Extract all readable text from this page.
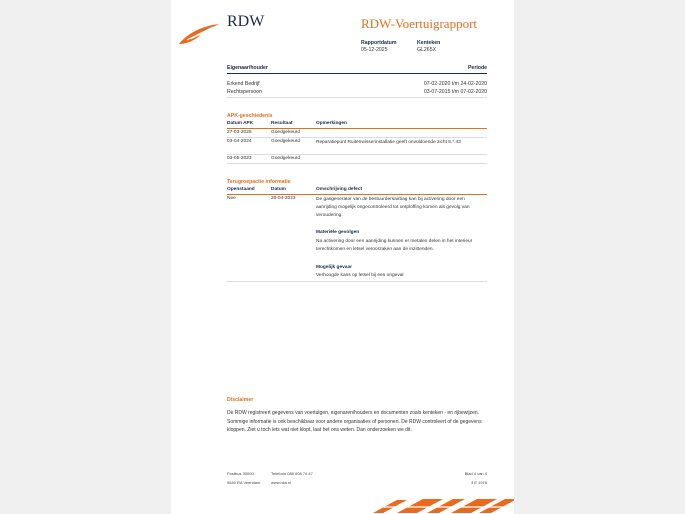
RDW	RDW-Voertuigrapport
Rapportdatum
05-12-2025
Kenteken
GL265X
Eigenaar/houder	Periode
Erkend Bedrijf	07-02-2020 t/m 24-02-2020
Rechtspersoon	03-07-2015 t/m 07-02-2020
APK-geschiedenis
Datum APK	Resultaat	Opmerkingen
27-03-2025	Goedgekeurd
03-04-2024	Goedgekeurd	Reparatiepunt Ruitenwisserinstallatie geeft onvoldoende zicht 5.*.43
03-05-2023	Goedgekeurd
Terugroepactie informatie
Openstaand	Datum	Omschrijving defect
Nee	20-04-2023	De gasgenerator van de bestuurdersairbag kan bij activering door een aanrijding mogelijk ongecontroleerd tot ontploffing komen als gevolg van veroudering.
Materiële gevolgen
Na activering door een aanrijding kunnen er metalen delen in het interieur terechtkomen en letsel veroorzaken aan de inzittenden.
Mogelijk gevaar
Verhoogde kans op letsel bij een ongeval
Disclaimer
De RDW registreert gegevens van voertuigen, eigenaren/houders en documenten zoals kenteken - en rijbewijzen. Sommige informatie is ook beschikbaar voor andere organisaties of personen. De RDW controleert of de gegevens kloppen. Ziet u toch iets wat niet klopt, laat het ons weten. Dan onderzoeken we dit.
Postbus 30000
9640 RA Veendam
Telefoon 088 008 74 47
www.rdw.nl
Blad 4 van 4
3 E 1978
